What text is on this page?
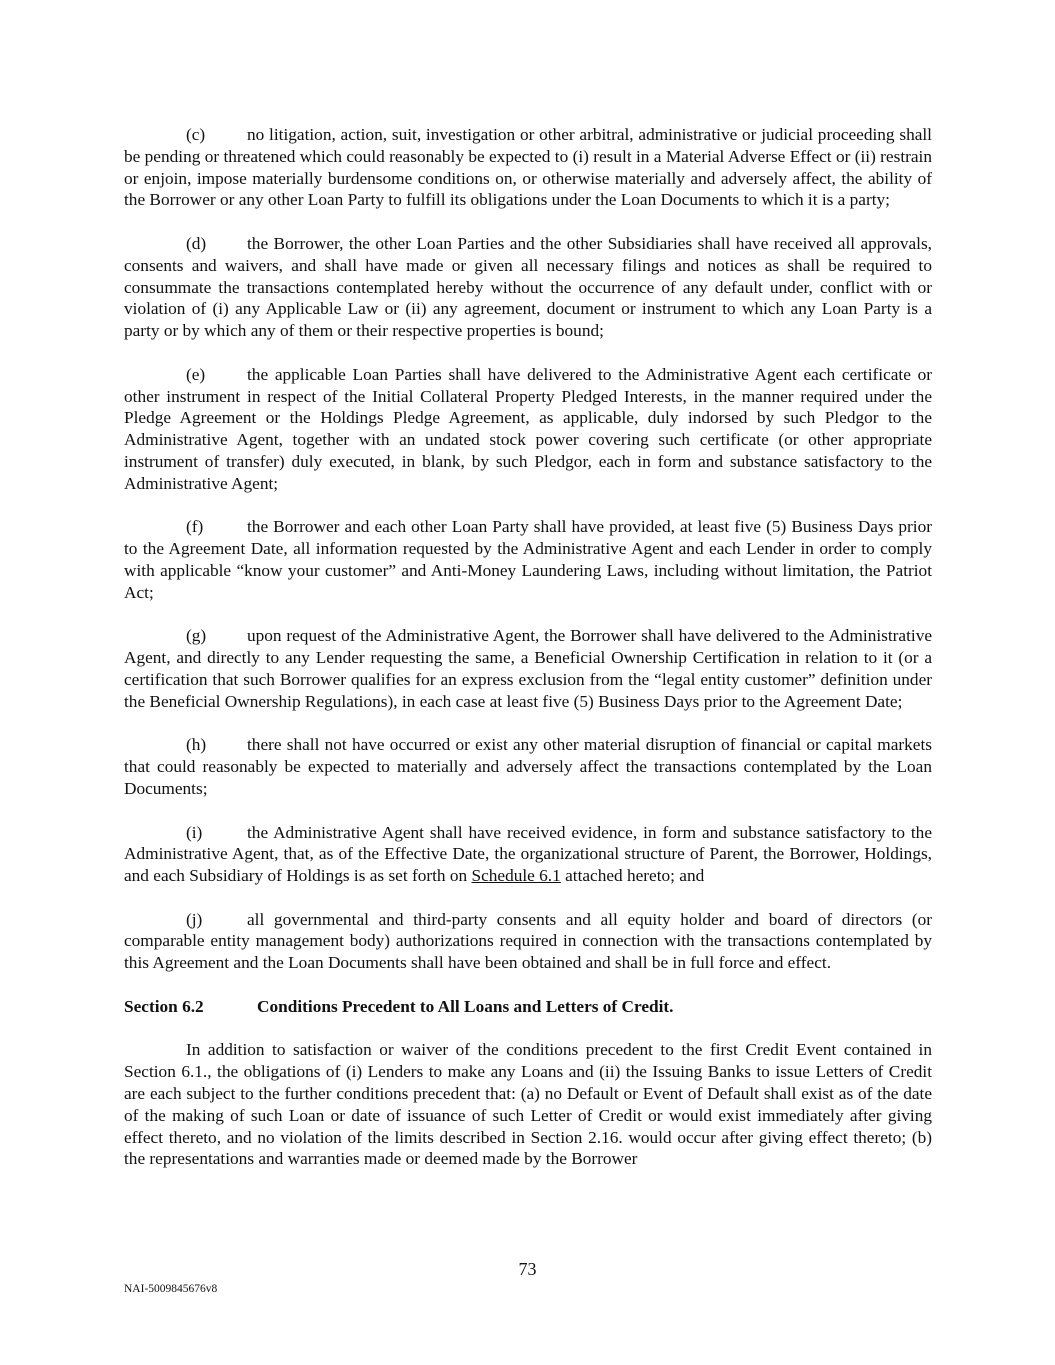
(c) no litigation, action, suit, investigation or other arbitral, administrative or judicial proceeding shall be pending or threatened which could reasonably be expected to (i) result in a Material Adverse Effect or (ii) restrain or enjoin, impose materially burdensome conditions on, or otherwise materially and adversely affect, the ability of the Borrower or any other Loan Party to fulfill its obligations under the Loan Documents to which it is a party;

(d) the Borrower, the other Loan Parties and the other Subsidiaries shall have received all approvals, consents and waivers, and shall have made or given all necessary filings and notices as shall be required to consummate the transactions contemplated hereby without the occurrence of any default under, conflict with or violation of (i) any Applicable Law or (ii) any agreement, document or instrument to which any Loan Party is a party or by which any of them or their respective properties is bound;

(e) the applicable Loan Parties shall have delivered to the Administrative Agent each certificate or other instrument in respect of the Initial Collateral Property Pledged Interests, in the manner required under the Pledge Agreement or the Holdings Pledge Agreement, as applicable, duly indorsed by such Pledgor to the Administrative Agent, together with an undated stock power covering such certificate (or other appropriate instrument of transfer) duly executed, in blank, by such Pledgor, each in form and substance satisfactory to the Administrative Agent;

(f)	the Borrower and each other Loan Party shall have provided, at least five (5) Business Days prior to the Agreement Date, all information requested by the Administrative Agent and each Lender in order to comply with applicable “know your customer” and Anti-Money Laundering Laws, including without limitation, the Patriot Act;

(g) upon request of the Administrative Agent, the Borrower shall have delivered to the Administrative Agent, and directly to any Lender requesting the same, a Beneficial Ownership Certification in relation to it (or a certification that such Borrower qualifies for an express exclusion from the “legal entity customer” definition under the Beneficial Ownership Regulations), in each case at least five (5) Business Days prior to the Agreement Date;

(h) there shall not have occurred or exist any other material disruption of financial or capital markets that could reasonably be expected to materially and adversely affect the transactions contemplated by the Loan Documents;

(i)	the Administrative Agent shall have received evidence, in form and substance satisfactory to the Administrative Agent, that, as of the Effective Date, the organizational structure of Parent, the Borrower, Holdings, and each Subsidiary of Holdings is as set forth on Schedule 6.1 attached hereto; and

(j)	all governmental and third-party consents and all equity holder and board of directors (or comparable entity management body) authorizations required in connection with the transactions contemplated by this Agreement and the Loan Documents shall have been obtained and shall be in full force and effect.

Section 6.2	Conditions Precedent to All Loans and Letters of Credit.

In addition to satisfaction or waiver of the conditions precedent to the first Credit Event contained in Section 6.1., the obligations of (i) Lenders to make any Loans and (ii) the Issuing Banks to issue Letters of Credit are each subject to the further conditions precedent that: (a) no Default or Event of Default shall exist as of the date of the making of such Loan or date of issuance of such Letter of Credit or would exist immediately after giving effect thereto, and no violation of the limits described in Section 2.16. would occur after giving effect thereto; (b) the representations and warranties made or deemed made by the Borrower

73
NAI-5009845676v8
